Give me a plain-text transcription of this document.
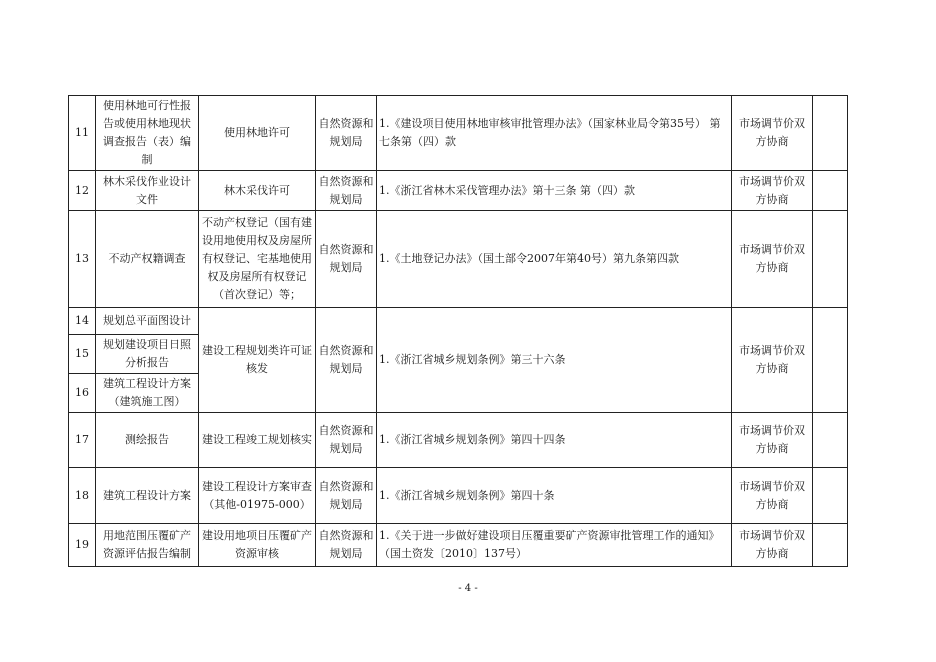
11	使用林地可行性报告或使用林地现状调查报告（表）编制	使用林地许可	自然资源和规划局	1.《建设项目使用林地审核审批管理办法》（国家林业局令第35号） 第七条第（四）款	市场调节价双方协商	
12	林木采伐作业设计文件	林木采伐许可	自然资源和规划局	1.《浙江省林木采伐管理办法》第十三条 第（四）款	市场调节价双方协商	
13	不动产权籍调查	不动产权登记（国有建设用地使用权及房屋所有权登记、宅基地使用权及房屋所有权登记（首次登记）等；	自然资源和规划局	1.《土地登记办法》（国土部令2007年第40号）第九条第四款	市场调节价双方协商	
14	规划总平面图设计	建设工程规划类许可证核发	自然资源和规划局	1.《浙江省城乡规划条例》第三十六条	市场调节价双方协商	
15	规划建设项目日照分析报告					
16	建筑工程设计方案（建筑施工图）					
17	测绘报告	建设工程竣工规划核实	自然资源和规划局	1.《浙江省城乡规划条例》第四十四条	市场调节价双方协商	
18	建筑工程设计方案	建设工程设计方案审查（其他-01975-000）	自然资源和规划局	1.《浙江省城乡规划条例》第四十条	市场调节价双方协商	
19	用地范围压覆矿产资源评估报告编制	建设用地项目压覆矿产资源审核	自然资源和规划局	1.《关于进一步做好建设项目压覆重要矿产资源审批管理工作的通知》（国土资发〔2010〕137号）	市场调节价双方协商	
- 4 -
